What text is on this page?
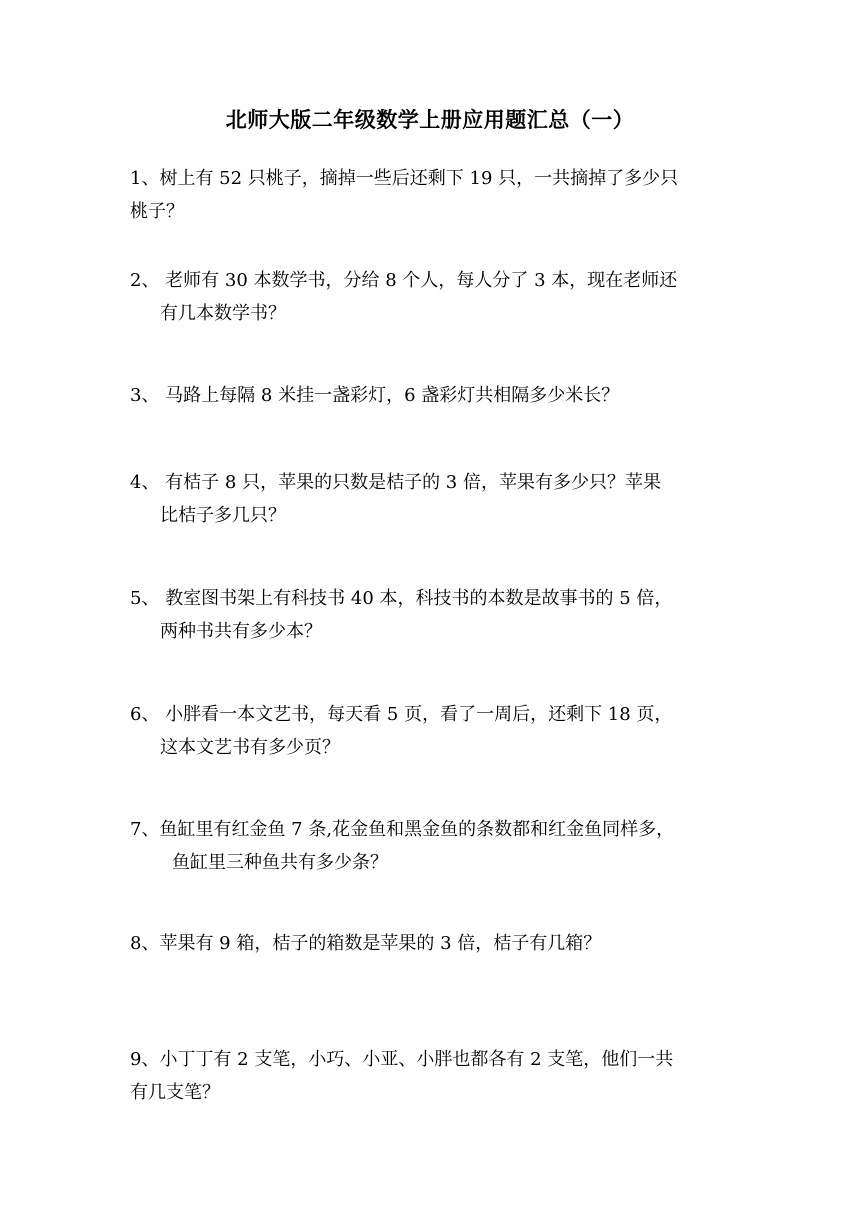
北师大版二年级数学上册应用题汇总（一）
1、树上有 52 只桃子，摘掉一些后还剩下 19 只，一共摘掉了多少只
桃子？
2、 老师有 30 本数学书，分给 8 个人，每人分了 3 本，现在老师还
有几本数学书？
3、 马路上每隔 8 米挂一盏彩灯，6 盏彩灯共相隔多少米长？
4、 有桔子 8 只，苹果的只数是桔子的 3 倍，苹果有多少只？苹果
比桔子多几只？
5、 教室图书架上有科技书 40 本，科技书的本数是故事书的 5 倍，
两种书共有多少本？
6、 小胖看一本文艺书，每天看 5 页，看了一周后，还剩下 18 页，
这本文艺书有多少页？
7、鱼缸里有红金鱼 7 条,花金鱼和黑金鱼的条数都和红金鱼同样多，
鱼缸里三种鱼共有多少条？
8、苹果有 9 箱，桔子的箱数是苹果的 3 倍，桔子有几箱？
9、小丁丁有 2 支笔，小巧、小亚、小胖也都各有 2 支笔，他们一共
有几支笔？
